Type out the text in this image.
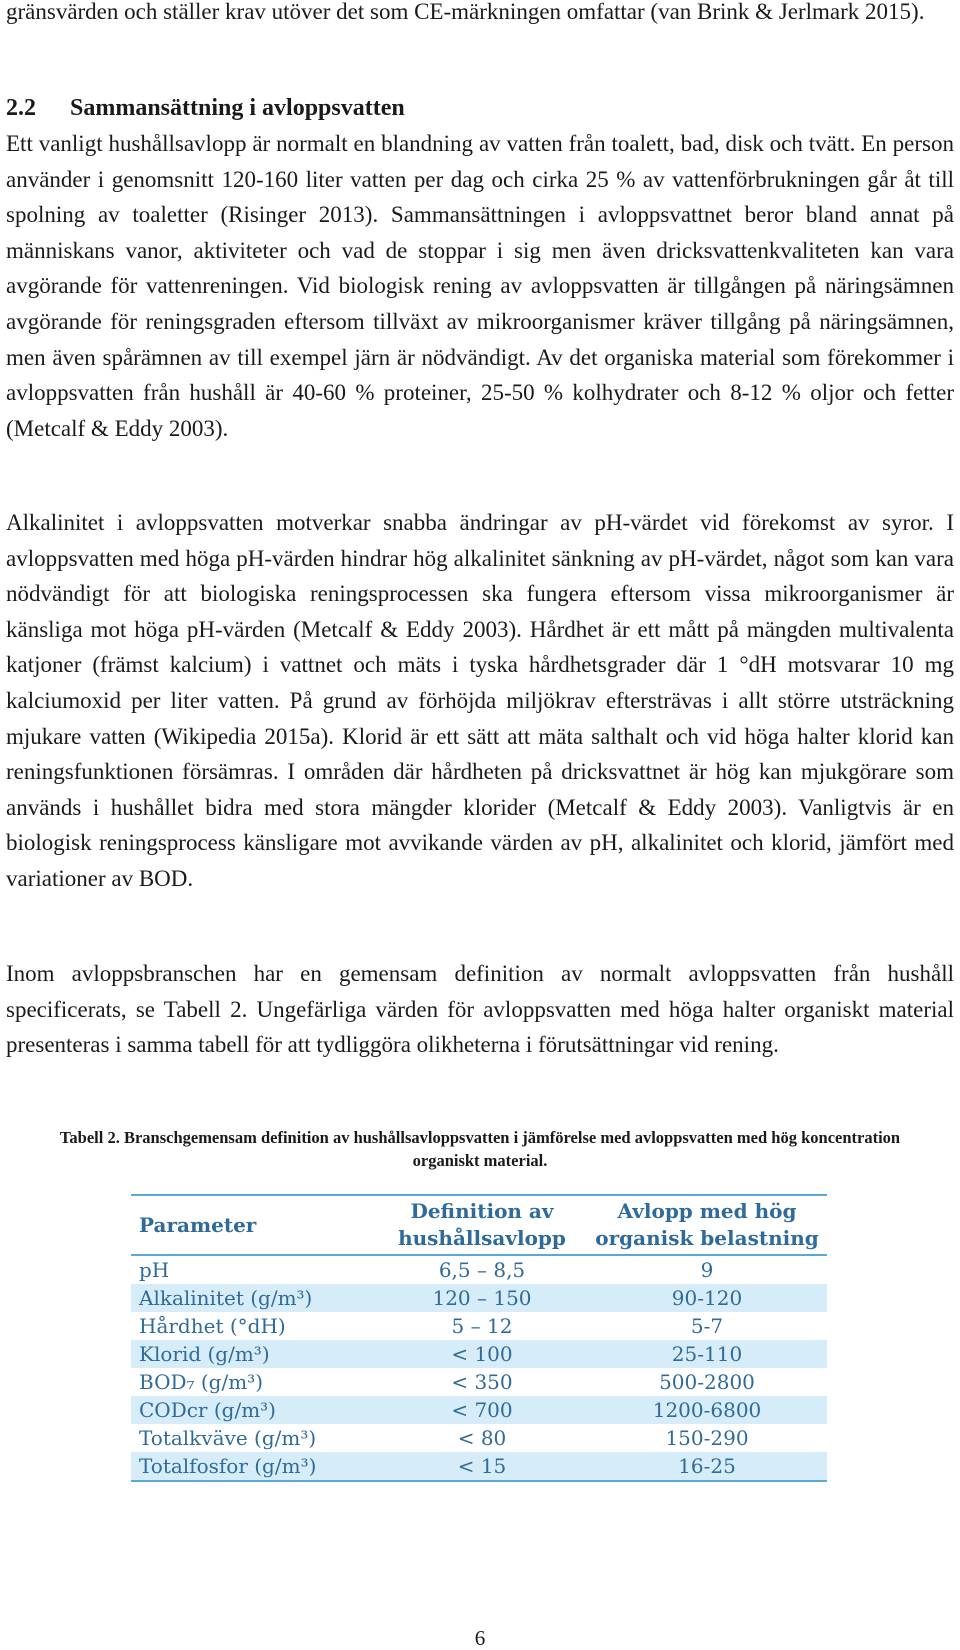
gränsvärden och ställer krav utöver det som CE-märkningen omfattar (van Brink & Jerlmark 2015).

2.2 Sammansättning i avloppsvatten

Ett vanligt hushållsavlopp är normalt en blandning av vatten från toalett, bad, disk och tvätt. En person använder i genomsnitt 120-160 liter vatten per dag och cirka 25 % av vattenförbrukningen går åt till spolning av toaletter (Risinger 2013). Sammansättningen i avloppsvattnet beror bland annat på människans vanor, aktiviteter och vad de stoppar i sig men även dricksvattenkvaliteten kan vara avgörande för vattenreningen. Vid biologisk rening av avloppsvatten är tillgången på näringsämnen avgörande för reningsgraden eftersom tillväxt av mikroorganismer kräver tillgång på näringsämnen, men även spårämnen av till exempel järn är nödvändigt. Av det organiska material som förekommer i avloppsvatten från hushåll är 40-60 % proteiner, 25-50 % kolhydrater och 8-12 % oljor och fetter (Metcalf & Eddy 2003).

Alkalinitet i avloppsvatten motverkar snabba ändringar av pH-värdet vid förekomst av syror. I avloppsvatten med höga pH-värden hindrar hög alkalinitet sänkning av pH-värdet, något som kan vara nödvändigt för att biologiska reningsprocessen ska fungera eftersom vissa mikroorganismer är känsliga mot höga pH-värden (Metcalf & Eddy 2003). Hårdhet är ett mått på mängden multivalenta katjoner (främst kalcium) i vattnet och mäts i tyska hårdhetsgrader där 1 °dH motsvarar 10 mg kalciumoxid per liter vatten. På grund av förhöjda miljökrav eftersträvas i allt större utsträckning mjukare vatten (Wikipedia 2015a). Klorid är ett sätt att mäta salthalt och vid höga halter klorid kan reningsfunktionen försämras. I områden där hårdheten på dricksvattnet är hög kan mjukgörare som används i hushållet bidra med stora mängder klorider (Metcalf & Eddy 2003). Vanligtvis är en biologisk reningsprocess känsligare mot avvikande värden av pH, alkalinitet och klorid, jämfört med variationer av BOD.

Inom avloppsbranschen har en gemensam definition av normalt avloppsvatten från hushåll specificerats, se Tabell 2. Ungefärliga värden för avloppsvatten med höga halter organiskt material presenteras i samma tabell för att tydliggöra olikheterna i förutsättningar vid rening.

Tabell 2. Branschgemensam definition av hushållsavloppsvatten i jämförelse med avloppsvatten med hög koncentration organiskt material.

Parameter	Definition av hushållsavlopp	Avlopp med hög organisk belastning
pH	6,5 – 8,5	9
Alkalinitet (g/m³)	120 – 150	90-120
Hårdhet (°dH)	5 – 12	5-7
Klorid (g/m³)	< 100	25-110
BOD₇ (g/m³)	< 350	500-2800
CODcr (g/m³)	< 700	1200-6800
Totalkväve (g/m³)	< 80	150-290
Totalfosfor (g/m³)	< 15	16-25
6
